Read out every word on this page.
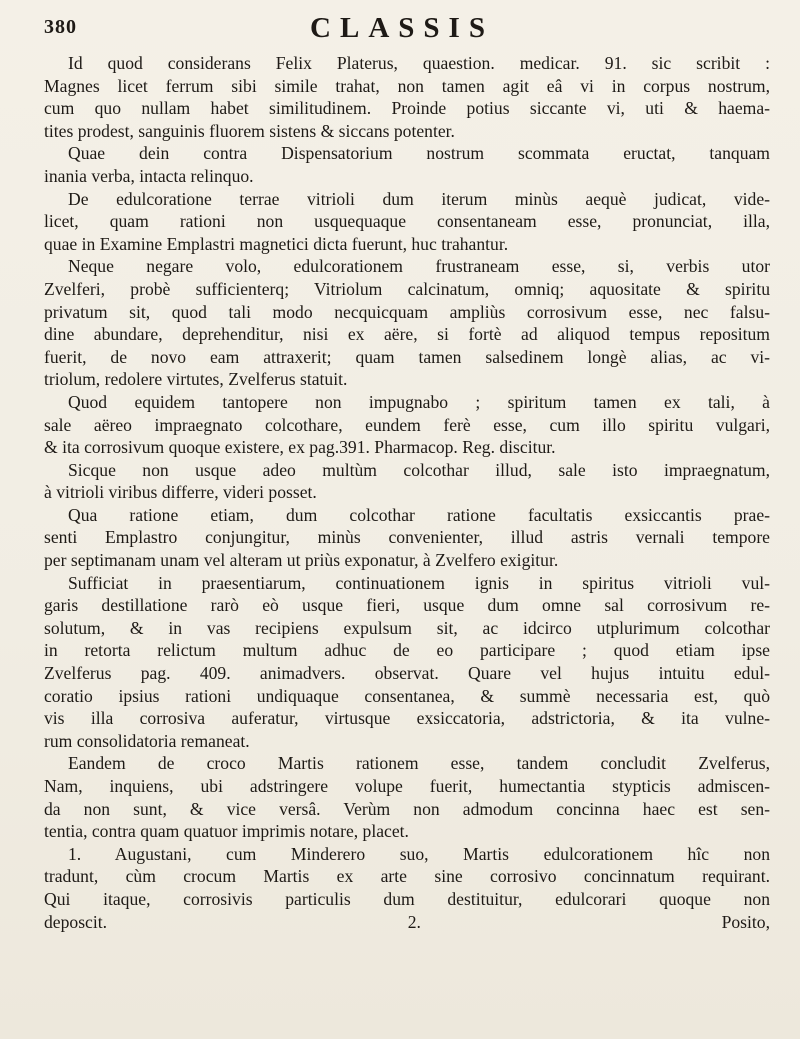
380	CLASSIS
Id quod considerans Felix Platerus, quaestion. medicar. 91. sic scribit :
Magnes licet ferrum sibi simile trahat, non tamen agit eâ vi in corpus nostrum,
cum quo nullam habet similitudinem. Proinde potius siccante vi, uti & haema-
tites prodest, sanguinis fluorem sistens & siccans potenter.
Quae dein contra Dispensatorium nostrum scommata eructat, tanquam
inania verba, intacta relinquo.
De edulcoratione terrae vitrioli dum iterum minùs aequè judicat, vide-
licet, quam rationi non usquequaque consentaneam esse, pronunciat, illa,
quae in Examine Emplastri magnetici dicta fuerunt, huc trahantur.
Neque negare volo, edulcorationem frustraneam esse, si, verbis utor
Zvelferi, probè sufficienterq; Vitriolum calcinatum, omniq; aquositate & spiritu
privatum sit, quod tali modo necquicquam ampliùs corrosivum esse, nec falsu-
dine abundare, deprehenditur, nisi ex aëre, si fortè ad aliquod tempus repositum
fuerit, de novo eam attraxerit; quam tamen salsedinem longè alias, ac vi-
triolum, redolere virtutes, Zvelferus statuit.
Quod equidem tantopere non impugnabo ; spiritum tamen ex tali, à
sale aëreo impraegnato colcothare, eundem ferè esse, cum illo spiritu vulgari,
& ita corrosivum quoque existere, ex pag.391. Pharmacop. Reg. discitur.
Sicque non usque adeo multùm colcothar illud, sale isto impraegnatum,
à vitrioli viribus differre, videri posset.
Qua ratione etiam, dum colcothar ratione facultatis exsiccantis prae-
senti Emplastro conjungitur, minùs convenienter, illud astris vernali tempore
per septimanam unam vel alteram ut priùs exponatur, à Zvelfero exigitur.
Sufficiat in praesentiarum, continuationem ignis in spiritus vitrioli vul-
garis destillatione rarò eò usque fieri, usque dum omne sal corrosivum re-
solutum, & in vas recipiens expulsum sit, ac idcirco utplurimum colcothar
in retorta relictum multum adhuc de eo participare ; quod etiam ipse
Zvelferus pag. 409. animadvers. observat. Quare vel hujus intuitu edul-
coratio ipsius rationi undiquaque consentanea, & summè necessaria est, quò
vis illa corrosiva auferatur, virtusque exsiccatoria, adstrictoria, & ita vulne-
rum consolidatoria remaneat.
Eandem de croco Martis rationem esse, tandem concludit Zvelferus,
Nam, inquiens, ubi adstringere volupe fuerit, humectantia stypticis admiscen-
da non sunt, & vice versâ. Verùm non admodum concinna haec est sen-
tentia, contra quam quatuor imprimis notare, placet.
1. Augustani, cum Minderero suo, Martis edulcorationem hîc non
tradunt, cùm crocum Martis ex arte sine corrosivo concinnatum requirant.
Qui itaque, corrosivis particulis dum destituitur, edulcorari quoque non
deposcit. 2. Posito,
